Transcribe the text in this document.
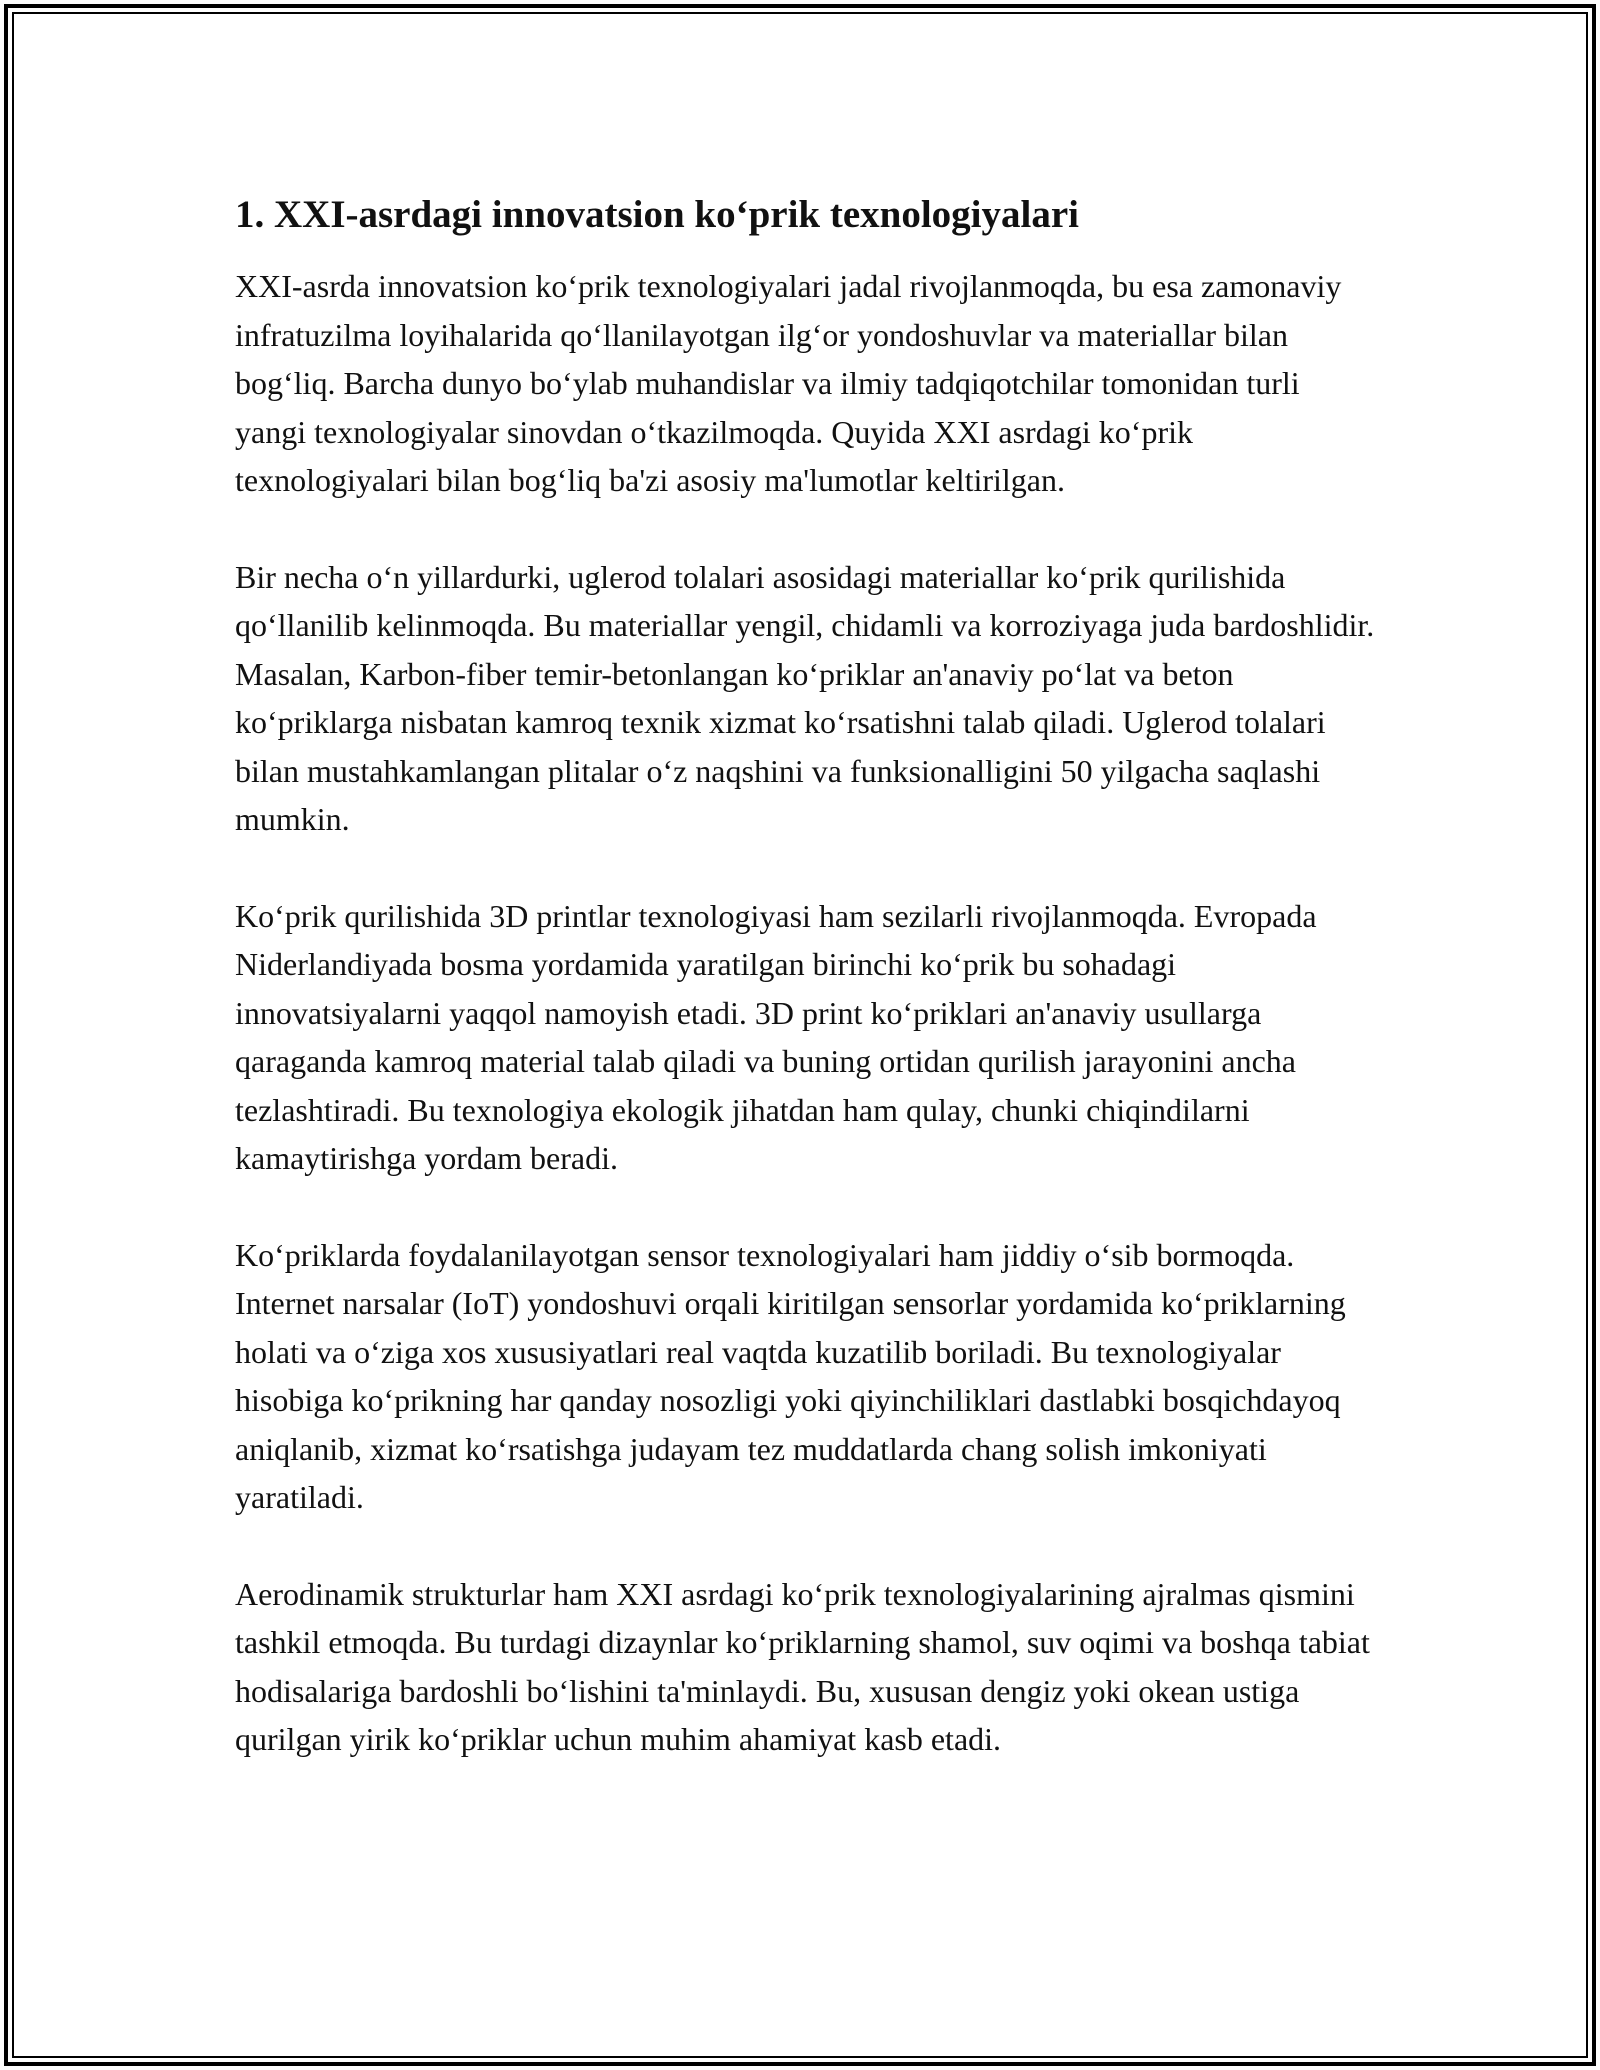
1. XXI-asrdagi innovatsion koʻprik texnologiyalari

XXI-asrda innovatsion koʻprik texnologiyalari jadal rivojlanmoqda, bu esa zamonaviy infratuzilma loyihalarida qoʻllanilayotgan ilgʻor yondoshuvlar va materiallar bilan bogʻliq. Barcha dunyo boʻylab muhandislar va ilmiy tadqiqotchilar tomonidan turli yangi texnologiyalar sinovdan oʻtkazilmoqda. Quyida XXI asrdagi koʻprik texnologiyalari bilan bogʻliq ba'zi asosiy ma'lumotlar keltirilgan.

Bir necha oʻn yillardurki, uglerod tolalari asosidagi materiallar koʻprik qurilishida qoʻllanilib kelinmoqda. Bu materiallar yengil, chidamli va korroziyaga juda bardoshlidir. Masalan, Karbon-fiber temir-betonlangan koʻpriklar an'anaviy poʻlat va beton koʻpriklarga nisbatan kamroq texnik xizmat koʻrsatishni talab qiladi. Uglerod tolalari bilan mustahkamlangan plitalar oʻz naqshini va funksionalligini 50 yilgacha saqlashi mumkin.

Koʻprik qurilishida 3D printlar texnologiyasi ham sezilarli rivojlanmoqda. Evropada Niderlandiyada bosma yordamida yaratilgan birinchi koʻprik bu sohadagi innovatsiyalarni yaqqol namoyish etadi. 3D print koʻpriklari an'anaviy usullarga qaraganda kamroq material talab qiladi va buning ortidan qurilish jarayonini ancha tezlashtiradi. Bu texnologiya ekologik jihatdan ham qulay, chunki chiqindilarni kamaytirishga yordam beradi.

Koʻpriklarda foydalanilayotgan sensor texnologiyalari ham jiddiy oʻsib bormoqda. Internet narsalar (IoT) yondoshuvi orqali kiritilgan sensorlar yordamida koʻpriklarning holati va oʻziga xos xususiyatlari real vaqtda kuzatilib boriladi. Bu texnologiyalar hisobiga koʻprikning har qanday nosozligi yoki qiyinchiliklari dastlabki bosqichdayoq aniqlanib, xizmat koʻrsatishga judayam tez muddatlarda chang solish imkoniyati yaratiladi.

Aerodinamik strukturlar ham XXI asrdagi koʻprik texnologiyalarining ajralmas qismini tashkil etmoqda. Bu turdagi dizaynlar koʻpriklarning shamol, suv oqimi va boshqa tabiat hodisalariga bardoshli boʻlishini ta'minlaydi. Bu, xususan dengiz yoki okean ustiga qurilgan yirik koʻpriklar uchun muhim ahamiyat kasb etadi.
